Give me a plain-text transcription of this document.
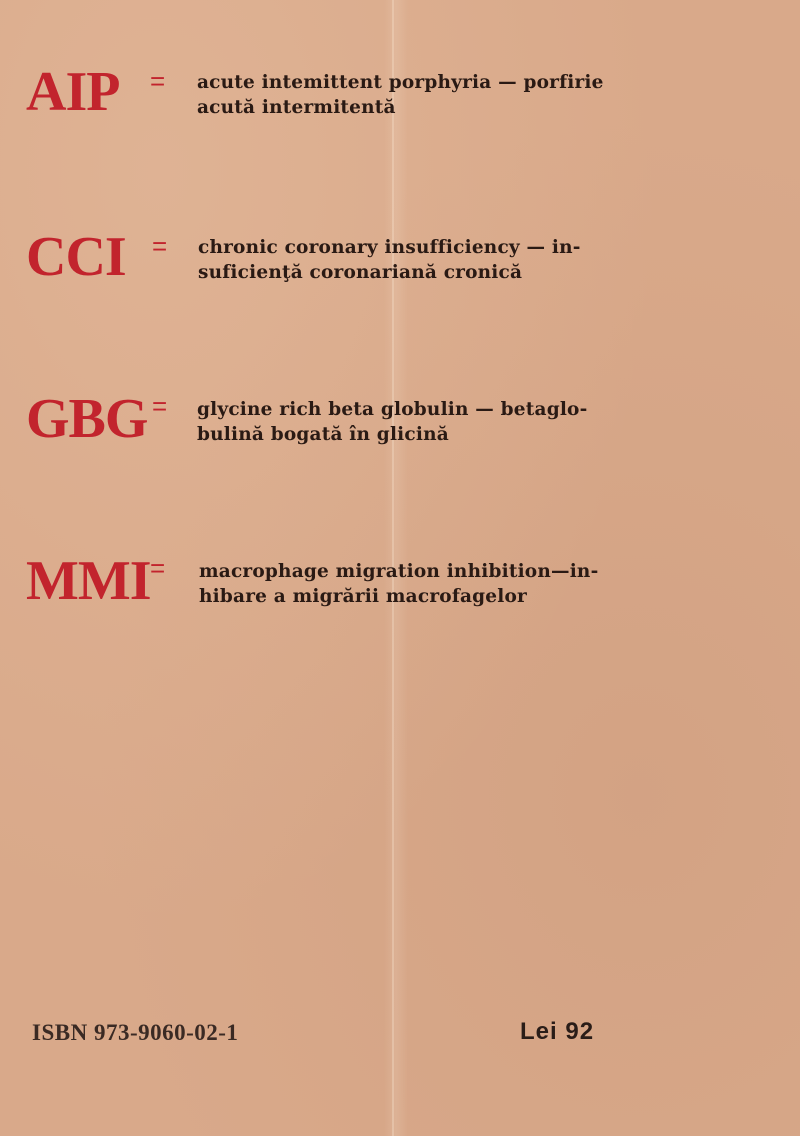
AIP = acute intemittent porphyria — porfirie
acută intermitentă

CCI = chronic coronary insufficiency — in-
suficienţă coronariană cronică

GBG = glycine rich beta globulin — betaglo-
bulină bogată în glicină

MMI = macrophage migration inhibition—in-
hibare a migrării macrofagelor

ISBN 973-9060-02-1	Lei 92
